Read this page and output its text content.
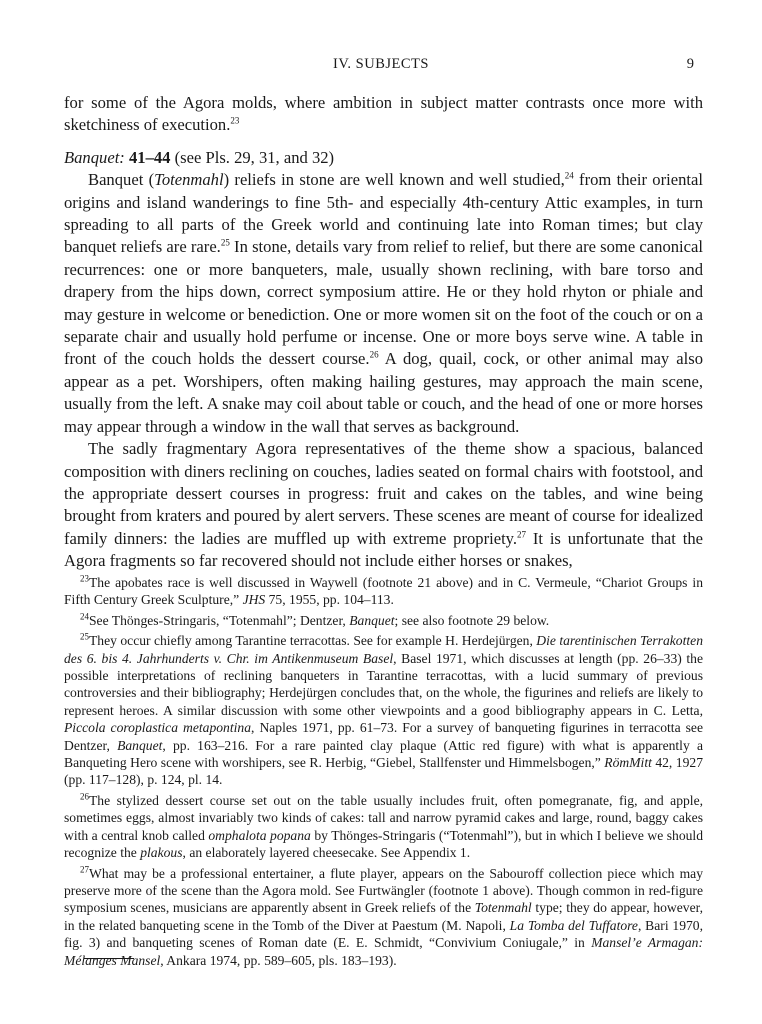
IV. SUBJECTS	9

for some of the Agora molds, where ambition in subject matter contrasts once more with sketchiness of execution.$^{23}$

Banquet: 41–44 (see Pls. 29, 31, and 32)

Banquet (Totenmahl) reliefs in stone are well known and well studied,$^{24}$ from their oriental origins and island wanderings to fine 5th- and especially 4th-century Attic examples, in turn spreading to all parts of the Greek world and continuing late into Roman times; but clay banquet reliefs are rare.$^{25}$ In stone, details vary from relief to relief, but there are some canonical recurrences: one or more banqueters, male, usually shown reclining, with bare torso and drapery from the hips down, correct symposium attire. He or they hold rhyton or phiale and may gesture in welcome or benediction. One or more women sit on the foot of the couch or on a separate chair and usually hold perfume or incense. One or more boys serve wine. A table in front of the couch holds the dessert course.$^{26}$ A dog, quail, cock, or other animal may also appear as a pet. Worshipers, often making hailing gestures, may approach the main scene, usually from the left. A snake may coil about table or couch, and the head of one or more horses may appear through a window in the wall that serves as background.

The sadly fragmentary Agora representatives of the theme show a spacious, balanced composition with diners reclining on couches, ladies seated on formal chairs with footstool, and the appropriate dessert courses in progress: fruit and cakes on the tables, and wine being brought from kraters and poured by alert servers. These scenes are meant of course for idealized family dinners: the ladies are muffled up with extreme propriety.$^{27}$ It is unfortunate that the Agora fragments so far recovered should not include either horses or snakes,

$^{23}$The apobates race is well discussed in Waywell (footnote 21 above) and in C. Vermeule, “Chariot Groups in Fifth Century Greek Sculpture,” JHS 75, 1955, pp. 104–113.

$^{24}$See Thönges-Stringaris, “Totenmahl”; Dentzer, Banquet; see also footnote 29 below.

$^{25}$They occur chiefly among Tarantine terracottas. See for example H. Herdejürgen, Die tarentinischen Terrakotten des 6. bis 4. Jahrhunderts v. Chr. im Antikenmuseum Basel, Basel 1971, which discusses at length (pp. 26–33) the possible interpretations of reclining banqueters in Tarantine terracottas, with a lucid summary of previous controversies and their bibliography; Herdejürgen concludes that, on the whole, the figurines and reliefs are likely to represent heroes. A similar discussion with some other viewpoints and a good bibliography appears in C. Letta, Piccola coroplastica metapontina, Naples 1971, pp. 61–73. For a survey of banqueting figurines in terracotta see Dentzer, Banquet, pp. 163–216. For a rare painted clay plaque (Attic red figure) with what is apparently a Banqueting Hero scene with worshipers, see R. Herbig, “Giebel, Stallfenster und Himmelsbogen,” RömMitt 42, 1927 (pp. 117–128), p. 124, pl. 14.

$^{26}$The stylized dessert course set out on the table usually includes fruit, often pomegranate, fig, and apple, sometimes eggs, almost invariably two kinds of cakes: tall and narrow pyramid cakes and large, round, baggy cakes with a central knob called omphalota popana by Thönges-Stringaris (“Totenmahl”), but in which I believe we should recognize the plakous, an elaborately layered cheesecake. See Appendix 1.

$^{27}$What may be a professional entertainer, a flute player, appears on the Sabouroff collection piece which may preserve more of the scene than the Agora mold. See Furtwängler (footnote 1 above). Though common in red-figure symposium scenes, musicians are apparently absent in Greek reliefs of the Totenmahl type; they do appear, however, in the related banqueting scene in the Tomb of the Diver at Paestum (M. Napoli, La Tomba del Tuffatore, Bari 1970, fig. 3) and banqueting scenes of Roman date (E. E. Schmidt, “Convivium Coniugale,” in Mansel’e Armagan: Mélanges Mansel, Ankara 1974, pp. 589–605, pls. 183–193).
